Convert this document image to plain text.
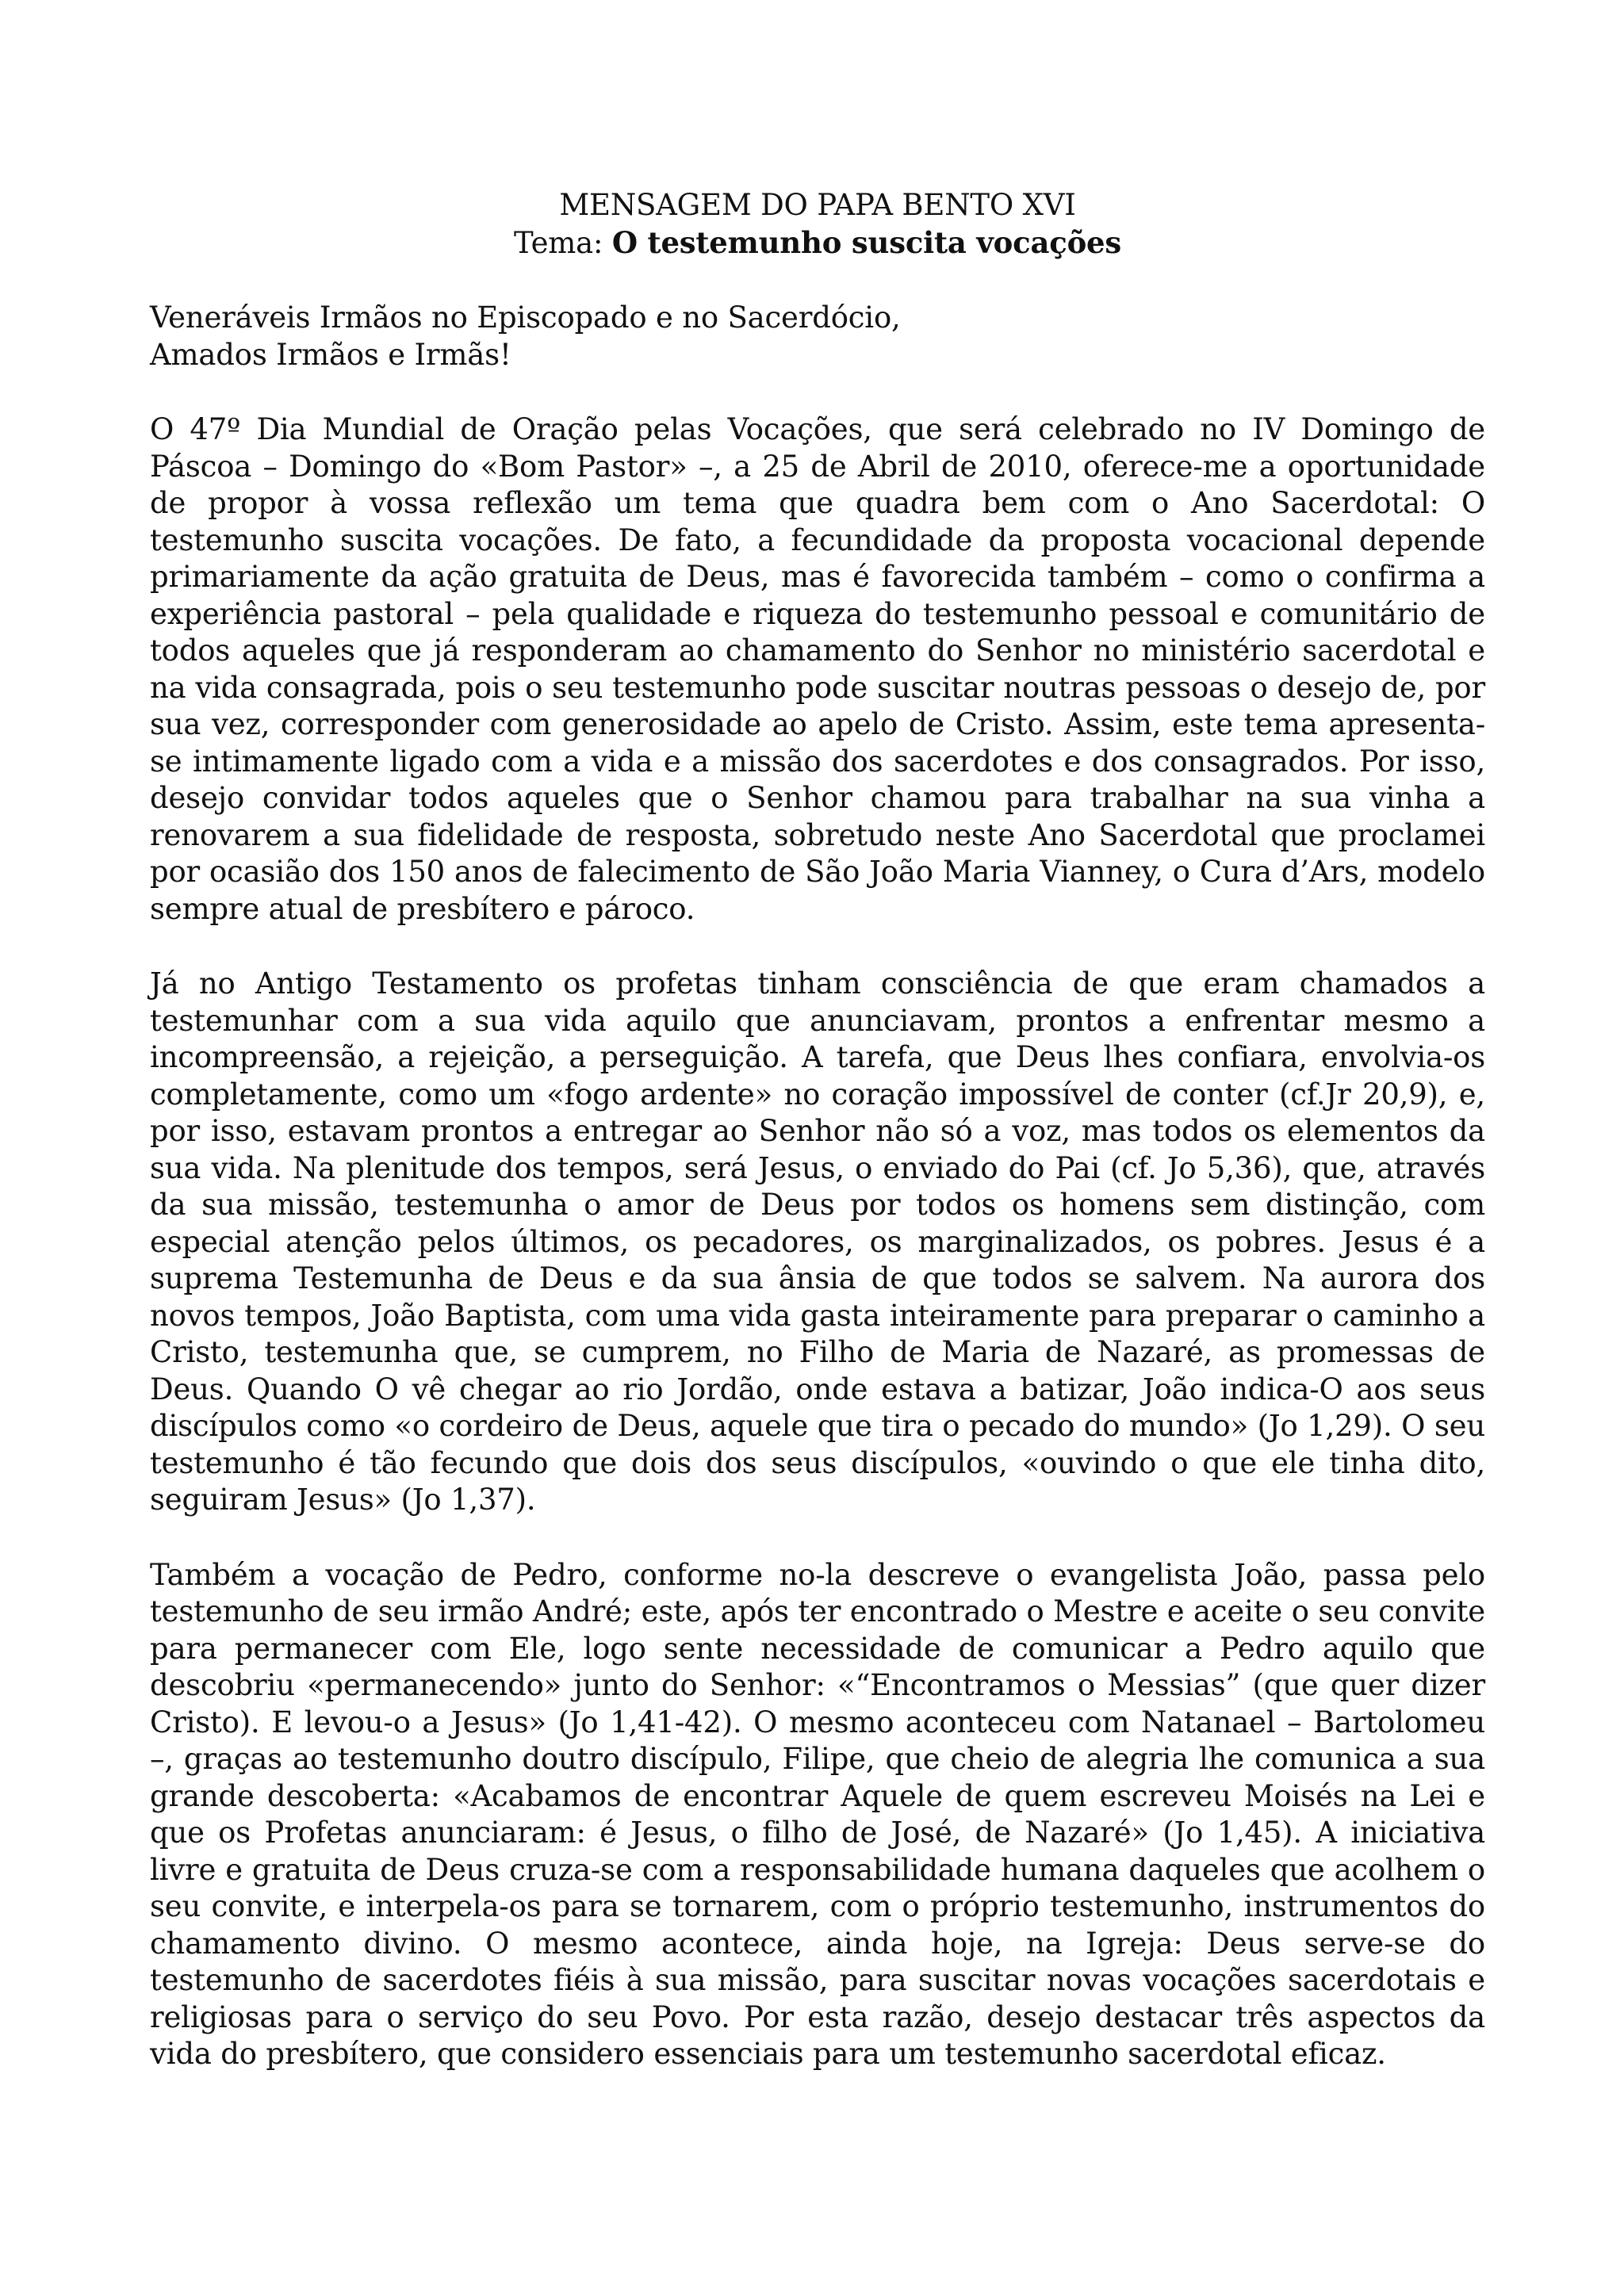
MENSAGEM DO PAPA BENTO XVI
Tema: O testemunho suscita vocações
Veneráveis Irmãos no Episcopado e no Sacerdócio,
Amados Irmãos e Irmãs!

O 47º Dia Mundial de Oração pelas Vocações, que será celebrado no IV Domingo de Páscoa – Domingo do «Bom Pastor» –, a 25 de Abril de 2010, oferece-me a oportunidade de propor à vossa reflexão um tema que quadra bem com o Ano Sacerdotal: O testemunho suscita vocações. De fato, a fecundidade da proposta vocacional depende primariamente da ação gratuita de Deus, mas é favorecida também – como o confirma a experiência pastoral – pela qualidade e riqueza do testemunho pessoal e comunitário de todos aqueles que já responderam ao chamamento do Senhor no ministério sacerdotal e na vida consagrada, pois o seu testemunho pode suscitar noutras pessoas o desejo de, por sua vez, corresponder com generosidade ao apelo de Cristo. Assim, este tema apresenta-se intimamente ligado com a vida e a missão dos sacerdotes e dos consagrados. Por isso, desejo convidar todos aqueles que o Senhor chamou para trabalhar na sua vinha a renovarem a sua fidelidade de resposta, sobretudo neste Ano Sacerdotal que proclamei por ocasião dos 150 anos de falecimento de São João Maria Vianney, o Cura d’Ars, modelo sempre atual de presbítero e pároco.

Já no Antigo Testamento os profetas tinham consciência de que eram chamados a testemunhar com a sua vida aquilo que anunciavam, prontos a enfrentar mesmo a incompreensão, a rejeição, a perseguição. A tarefa, que Deus lhes confiara, envolvia-os completamente, como um «fogo ardente» no coração impossível de conter (cf.Jr 20,9), e, por isso, estavam prontos a entregar ao Senhor não só a voz, mas todos os elementos da sua vida. Na plenitude dos tempos, será Jesus, o enviado do Pai (cf. Jo 5,36), que, através da sua missão, testemunha o amor de Deus por todos os homens sem distinção, com especial atenção pelos últimos, os pecadores, os marginalizados, os pobres. Jesus é a suprema Testemunha de Deus e da sua ânsia de que todos se salvem. Na aurora dos novos tempos, João Baptista, com uma vida gasta inteiramente para preparar o caminho a Cristo, testemunha que, se cumprem, no Filho de Maria de Nazaré, as promessas de Deus. Quando O vê chegar ao rio Jordão, onde estava a batizar, João indica-O aos seus discípulos como «o cordeiro de Deus, aquele que tira o pecado do mundo» (Jo 1,29). O seu testemunho é tão fecundo que dois dos seus discípulos, «ouvindo o que ele tinha dito, seguiram Jesus» (Jo 1,37).

Também a vocação de Pedro, conforme no-la descreve o evangelista João, passa pelo testemunho de seu irmão André; este, após ter encontrado o Mestre e aceite o seu convite para permanecer com Ele, logo sente necessidade de comunicar a Pedro aquilo que descobriu «permanecendo» junto do Senhor: «“Encontramos o Messias” (que quer dizer Cristo). E levou-o a Jesus» (Jo 1,41-42). O mesmo aconteceu com Natanael – Bartolomeu –, graças ao testemunho doutro discípulo, Filipe, que cheio de alegria lhe comunica a sua grande descoberta: «Acabamos de encontrar Aquele de quem escreveu Moisés na Lei e que os Profetas anunciaram: é Jesus, o filho de José, de Nazaré» (Jo 1,45). A iniciativa livre e gratuita de Deus cruza-se com a responsabilidade humana daqueles que acolhem o seu convite, e interpela-os para se tornarem, com o próprio testemunho, instrumentos do chamamento divino. O mesmo acontece, ainda hoje, na Igreja: Deus serve-se do testemunho de sacerdotes fiéis à sua missão, para suscitar novas vocações sacerdotais e religiosas para o serviço do seu Povo. Por esta razão, desejo destacar três aspectos da vida do presbítero, que considero essenciais para um testemunho sacerdotal eficaz.
